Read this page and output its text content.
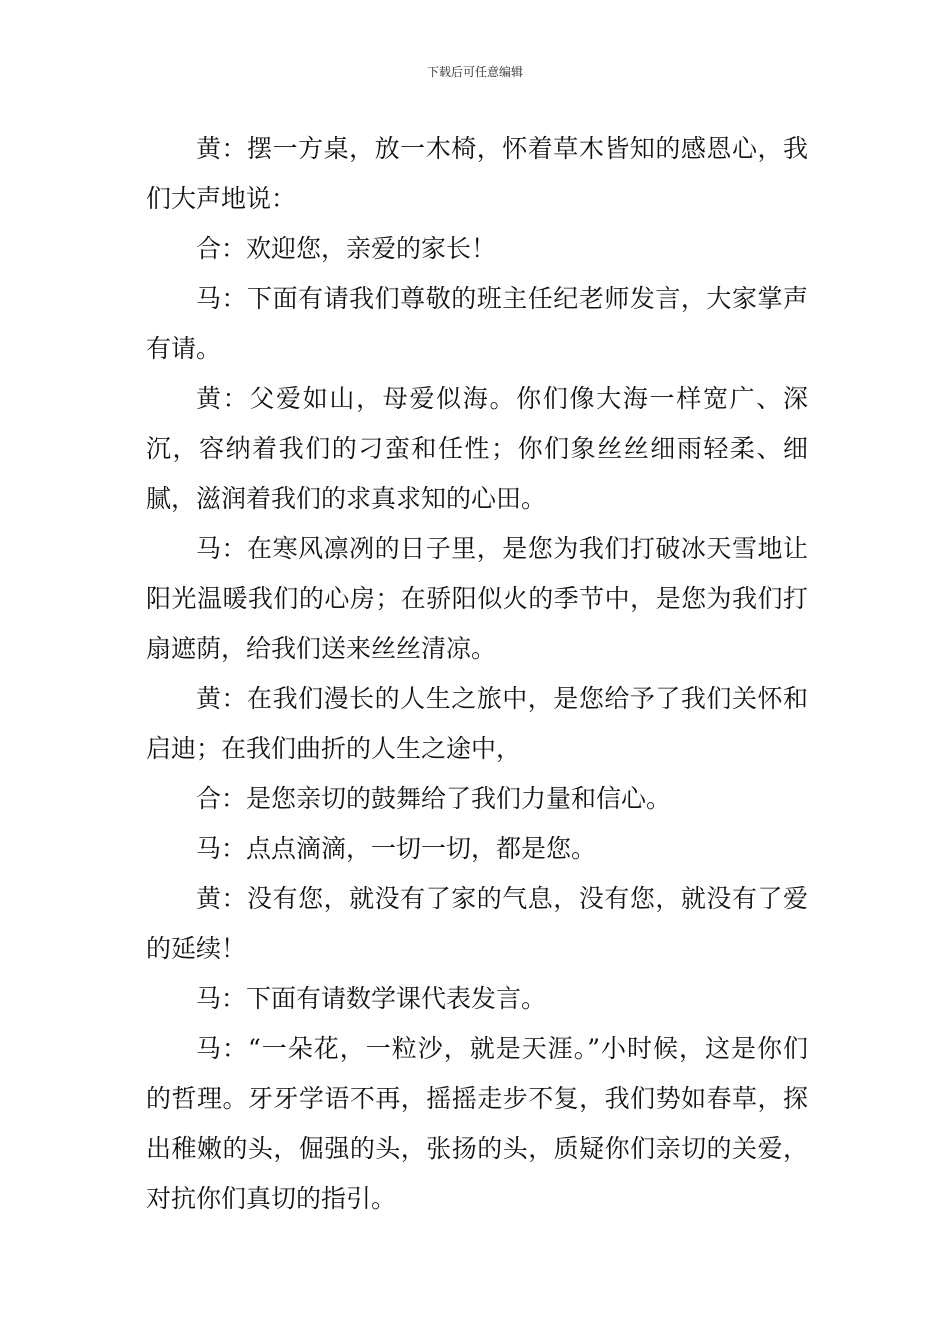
下载后可任意编辑

黄：摆一方桌，放一木椅，怀着草木皆知的感恩心，我们大声地说：

合：欢迎您，亲爱的家长！

马：下面有请我们尊敬的班主任纪老师发言，大家掌声有请。

黄：父爱如山，母爱似海。你们像大海一样宽广、深沉，容纳着我们的刁蛮和任性；你们象丝丝细雨轻柔、细腻，滋润着我们的求真求知的心田。

马：在寒风凛冽的日子里，是您为我们打破冰天雪地让阳光温暖我们的心房；在骄阳似火的季节中，是您为我们打扇遮荫，给我们送来丝丝清凉。

黄：在我们漫长的人生之旅中，是您给予了我们关怀和启迪；在我们曲折的人生之途中，

合：是您亲切的鼓舞给了我们力量和信心。

马：点点滴滴，一切一切，都是您。

黄：没有您，就没有了家的气息，没有您，就没有了爱的延续！

马：下面有请数学课代表发言。

马：“一朵花，一粒沙，就是天涯。”小时候，这是你们的哲理。牙牙学语不再，摇摇走步不复，我们势如春草，探出稚嫩的头，倔强的头，张扬的头，质疑你们亲切的关爱，对抗你们真切的指引。
